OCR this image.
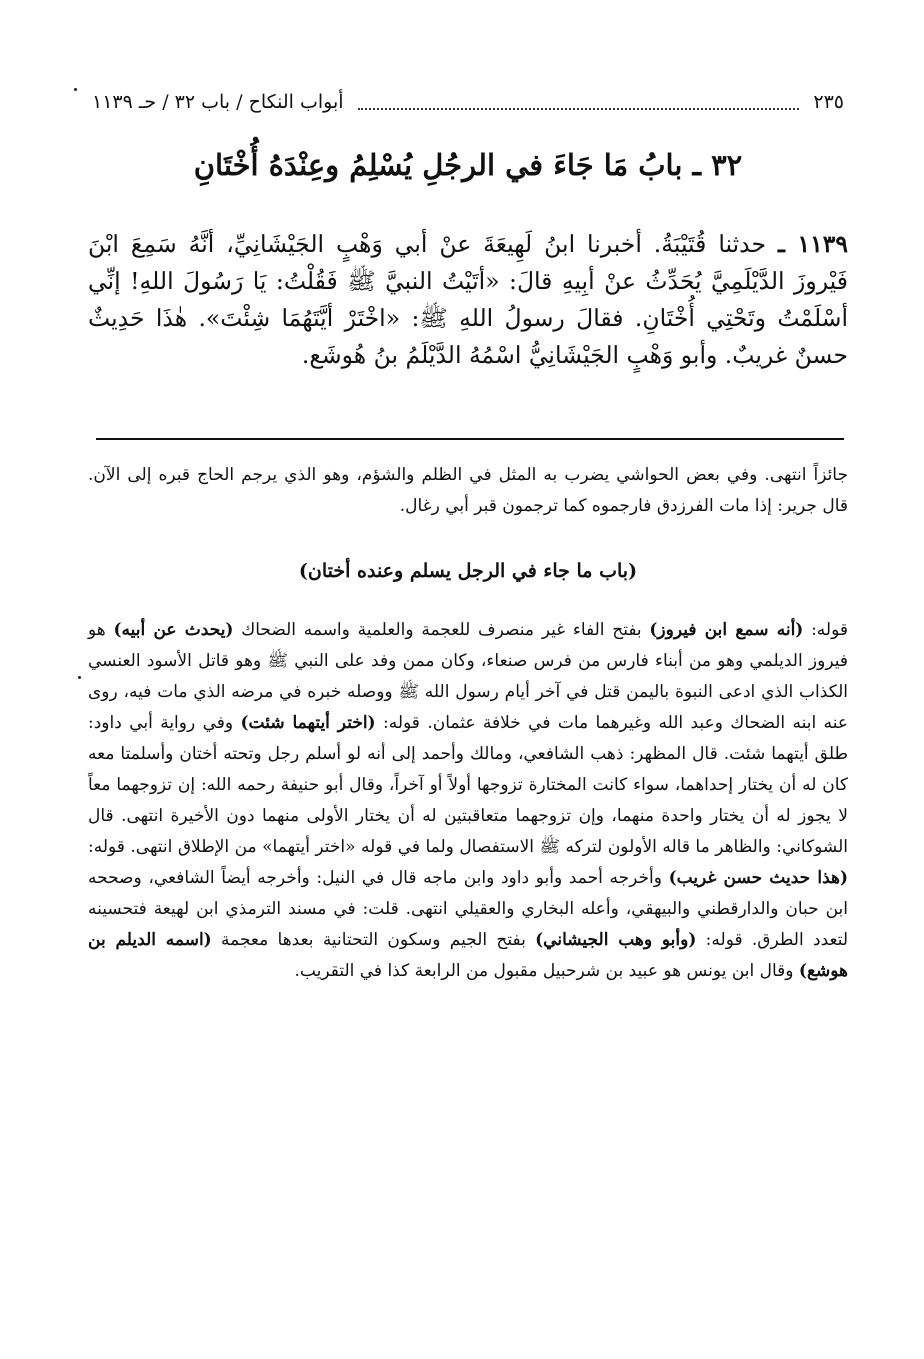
أبواب النكاح / باب ٣٢ / حـ ١١٣٩	٢٣٥
٣٢ ـ بابُ مَا جَاءَ في الرجُلِ يُسْلِمُ وعِنْدَهُ أُخْتَانِ

١١٣٩ ـ حدثنا قُتَيْبَةُ. أخبرنا ابنُ لَهِيعَةَ عنْ أبي وَهْبٍ الجَيْشَانِيِّ، أنَّهُ سَمِعَ ابْنَ فَيْروزَ الدَّيْلَمِيَّ يُحَدِّثُ عنْ أبِيهِ قالَ: «أتَيْتُ النبيَّ ﷺ فَقُلْتُ: يَا رَسُولَ اللهِ! إنِّي أسْلَمْتُ وتَحْتِي أُخْتَانِ. فقالَ رسولُ اللهِ ﷺ: «اخْتَرْ أيَّتَهُمَا شِئْتَ». هٰذَا حَدِيثٌ حسنٌ غريبٌ. وأبو وَهْبٍ الجَيْشَانِيُّ اسْمُهُ الدَّيْلَمُ بنُ هُوشَع.

جائزاً انتهى. وفي بعض الحواشي يضرب به المثل في الظلم والشؤم، وهو الذي يرجم الحاج قبره إلى الآن. قال جرير: إذا مات الفرزدق فارجموه كما ترجمون قبر أبي رغال.

(باب ما جاء في الرجل يسلم وعنده أختان)

قوله: (أنه سمع ابن فيروز) بفتح الفاء غير منصرف للعجمة والعلمية واسمه الضحاك (يحدث عن أبيه) هو فيروز الديلمي وهو من أبناء فارس من فرس صنعاء، وكان ممن وفد على النبي ﷺ وهو قاتل الأسود العنسي الكذاب الذي ادعى النبوة باليمن قتل في آخر أيام رسول الله ﷺ ووصله خبره في مرضه الذي مات فيه، روى عنه ابنه الضحاك وعبد الله وغيرهما مات في خلافة عثمان. قوله: (اختر أيتهما شئت) وفي رواية أبي داود: طلق أيتهما شئت. قال المظهر: ذهب الشافعي، ومالك وأحمد إلى أنه لو أسلم رجل وتحته أختان وأسلمتا معه كان له أن يختار إحداهما، سواء كانت المختارة تزوجها أولاً أو آخراً، وقال أبو حنيفة رحمه الله: إن تزوجهما معاً لا يجوز له أن يختار واحدة منهما، وإن تزوجهما متعاقبتين له أن يختار الأولى منهما دون الأخيرة انتهى. قال الشوكاني: والظاهر ما قاله الأولون لتركه ﷺ الاستفصال ولما في قوله «اختر أيتهما» من الإطلاق انتهى. قوله: (هذا حديث حسن غريب) وأخرجه أحمد وأبو داود وابن ماجه قال في النيل: وأخرجه أيضاً الشافعي، وصححه ابن حبان والدارقطني والبيهقي، وأعله البخاري والعقيلي انتهى. قلت: في مسند الترمذي ابن لهيعة فتحسينه لتعدد الطرق. قوله: (وأبو وهب الجيشاني) بفتح الجيم وسكون التحتانية بعدها معجمة (اسمه الديلم بن هوشع) وقال ابن يونس هو عبيد بن شرحبيل مقبول من الرابعة كذا في التقريب.
